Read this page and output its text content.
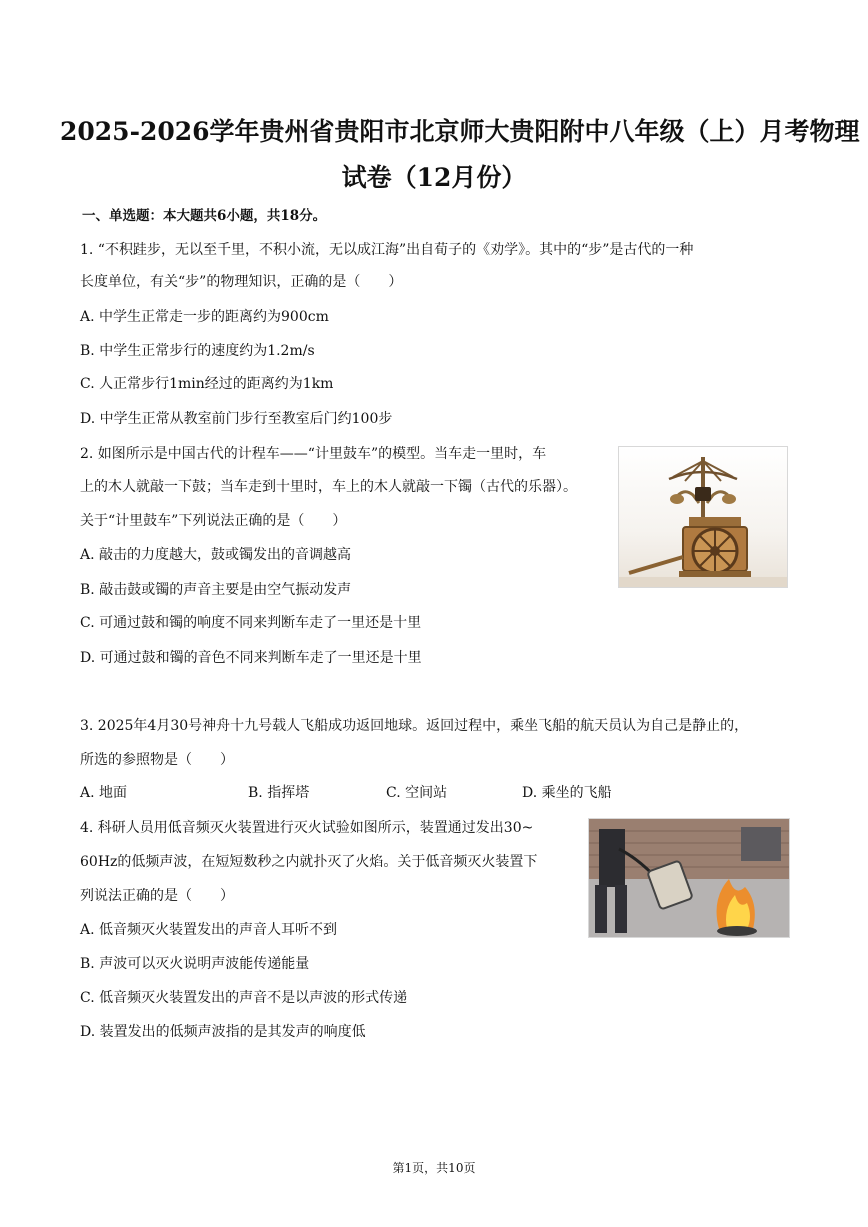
2025-2026学年贵州省贵阳市北京师大贵阳附中八年级（上）月考物理
试卷（12月份）
一、单选题：本大题共6小题，共18分。
1. “不积跬步，无以至千里，不积小流，无以成江海”出自荀子的《劝学》。其中的“步”是古代的一种
长度单位，有关“步”的物理知识，正确的是（　　）
A. 中学生正常走一步的距离约为900cm
B. 中学生正常步行的速度约为1.2m/s
C. 人正常步行1min经过的距离约为1km
D. 中学生正常从教室前门步行至教室后门约100步
2. 如图所示是中国古代的计程车——“计里鼓车”的模型。当车走一里时，车
上的木人就敲一下鼓；当车走到十里时，车上的木人就敲一下镯（古代的乐器）。
关于“计里鼓车”下列说法正确的是（　　）
A. 敲击的力度越大，鼓或镯发出的音调越高
B. 敲击鼓或镯的声音主要是由空气振动发声
C. 可通过鼓和镯的响度不同来判断车走了一里还是十里
D. 可通过鼓和镯的音色不同来判断车走了一里还是十里
3. 2025年4月30号神舟十九号载人飞船成功返回地球。返回过程中，乘坐飞船的航天员认为自己是静止的，
所选的参照物是（　　）
A. 地面	B. 指挥塔	C. 空间站	D. 乘坐的飞船
4. 科研人员用低音频灭火装置进行灭火试验如图所示，装置通过发出30~
60Hz的低频声波，在短短数秒之内就扑灭了火焰。关于低音频灭火装置下
列说法正确的是（　　）
A. 低音频灭火装置发出的声音人耳听不到
B. 声波可以灭火说明声波能传递能量
C. 低音频灭火装置发出的声音不是以声波的形式传递
D. 装置发出的低频声波指的是其发声的响度低
第1页，共10页
